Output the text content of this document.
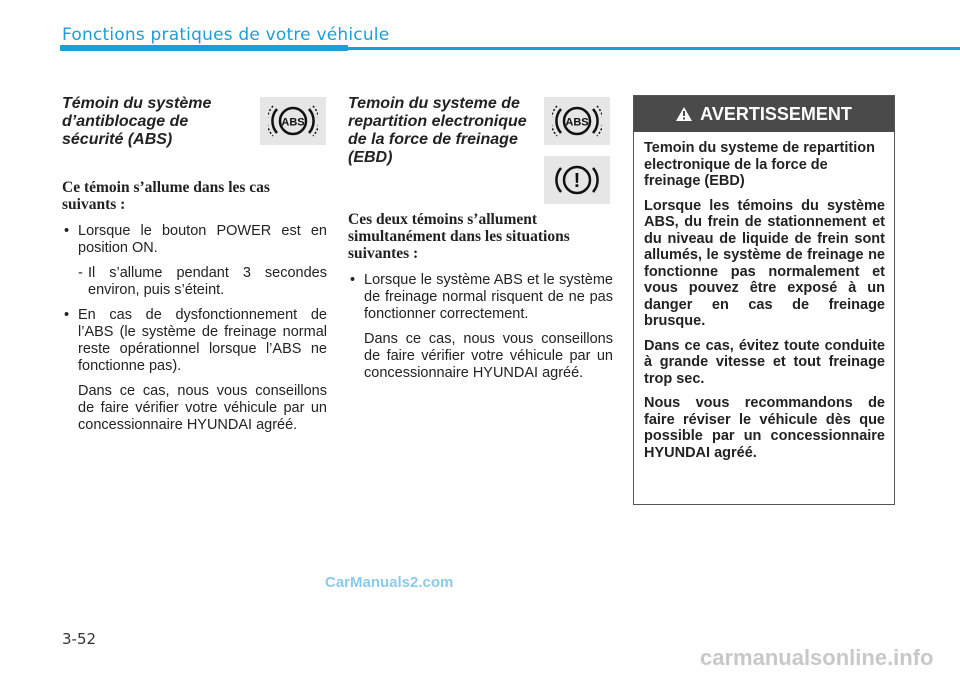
Fonctions pratiques de votre véhicule
Témoin du système d’antiblocage de sécurité (ABS)
Ce témoin s’allume dans les cas suivants :
• Lorsque le bouton POWER est en position ON.
- Il s’allume pendant 3 secondes environ, puis s’éteint.
• En cas de dysfonctionnement de l’ABS (le système de freinage normal reste opérationnel lorsque l’ABS ne fonctionne pas).
Dans ce cas, nous vous conseillons de faire vérifier votre véhicule par un concessionnaire HYUNDAI agréé.
ABS
Temoin du systeme de repartition electronique de la force de freinage (EBD)
Ces deux témoins s’allument simultanément dans les situations suivantes :
• Lorsque le système ABS et le système de freinage normal risquent de ne pas fonctionner correctement.
Dans ce cas, nous vous conseillons de faire vérifier votre véhicule par un concessionnaire HYUNDAI agréé.
ABS
!
AVERTISSEMENT

Temoin du systeme de repartition electronique de la force de freinage (EBD)

Lorsque les témoins du système ABS, du frein de stationnement et du niveau de liquide de frein sont allumés, le système de freinage ne fonctionne pas normalement et vous pouvez être exposé à un danger en cas de freinage brusque.

Dans ce cas, évitez toute conduite à grande vitesse et tout freinage trop sec.

Nous vous recommandons de faire réviser le véhicule dès que possible par un concessionnaire HYUNDAI agréé.

CarManuals2.com
3-52
carmanualsonline.info
